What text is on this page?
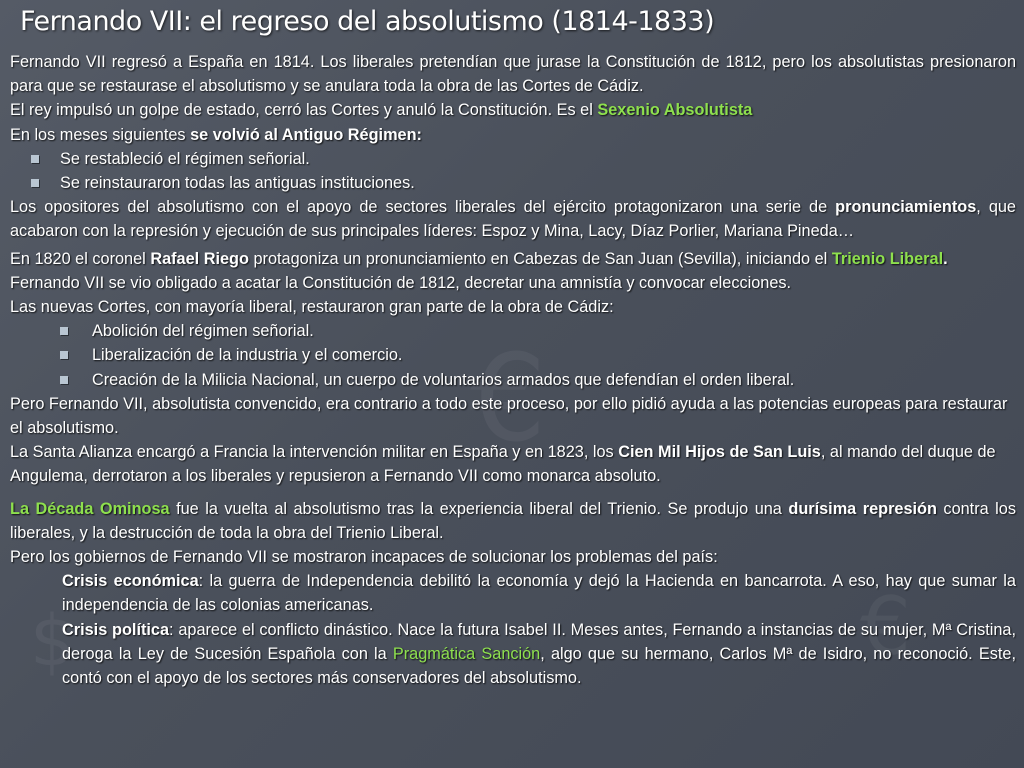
€
$	€
Fernando VII: el regreso del absolutismo (1814-1833)

Fernando VII regresó a España en 1814. Los liberales pretendían que jurase la Constitución de 1812, pero los absolutistas presionaron para que se restaurase el absolutismo y se anulara toda la obra de las Cortes de Cádiz.

El rey impulsó un golpe de estado, cerró las Cortes y anuló la Constitución. Es el Sexenio Absolutista

En los meses siguientes se volvió al Antiguo Régimen:

Se restableció el régimen señorial.
Se reinstauraron todas las antiguas instituciones.

Los opositores del absolutismo con el apoyo de sectores liberales del ejército protagonizaron una serie de pronunciamientos, que acabaron con la represión y ejecución de sus principales líderes: Espoz y Mina, Lacy, Díaz Porlier, Mariana Pineda…

En 1820 el coronel Rafael Riego protagoniza un pronunciamiento en Cabezas de San Juan (Sevilla), iniciando el Trienio Liberal.

Fernando VII se vio obligado a acatar la Constitución de 1812, decretar una amnistía y convocar elecciones.

Las nuevas Cortes, con mayoría liberal, restauraron gran parte de la obra de Cádiz:

Abolición del régimen señorial.
Liberalización de la industria y el comercio.
Creación de la Milicia Nacional, un cuerpo de voluntarios armados que defendían el orden liberal.

Pero Fernando VII, absolutista convencido, era contrario a todo este proceso, por ello pidió ayuda a las potencias europeas para restaurar el absolutismo.

La Santa Alianza encargó a Francia la intervención militar en España y en 1823, los Cien Mil Hijos de San Luis, al mando del duque de Angulema, derrotaron a los liberales y repusieron a Fernando VII como monarca absoluto.

La Década Ominosa fue la vuelta al absolutismo tras la experiencia liberal del Trienio. Se produjo una durísima represión contra los liberales, y la destrucción de toda la obra del Trienio Liberal.

Pero los gobiernos de Fernando VII se mostraron incapaces de solucionar los problemas del país:

Crisis económica: la guerra de Independencia debilitó la economía y dejó la Hacienda en bancarrota. A eso, hay que sumar la independencia de las colonias americanas.

Crisis política: aparece el conflicto dinástico. Nace la futura Isabel II. Meses antes, Fernando a instancias de su mujer, Mª Cristina, deroga la Ley de Sucesión Española con la Pragmática Sanción, algo que su hermano, Carlos Mª de Isidro, no reconoció. Este, contó con el apoyo de los sectores más conservadores del absolutismo.
